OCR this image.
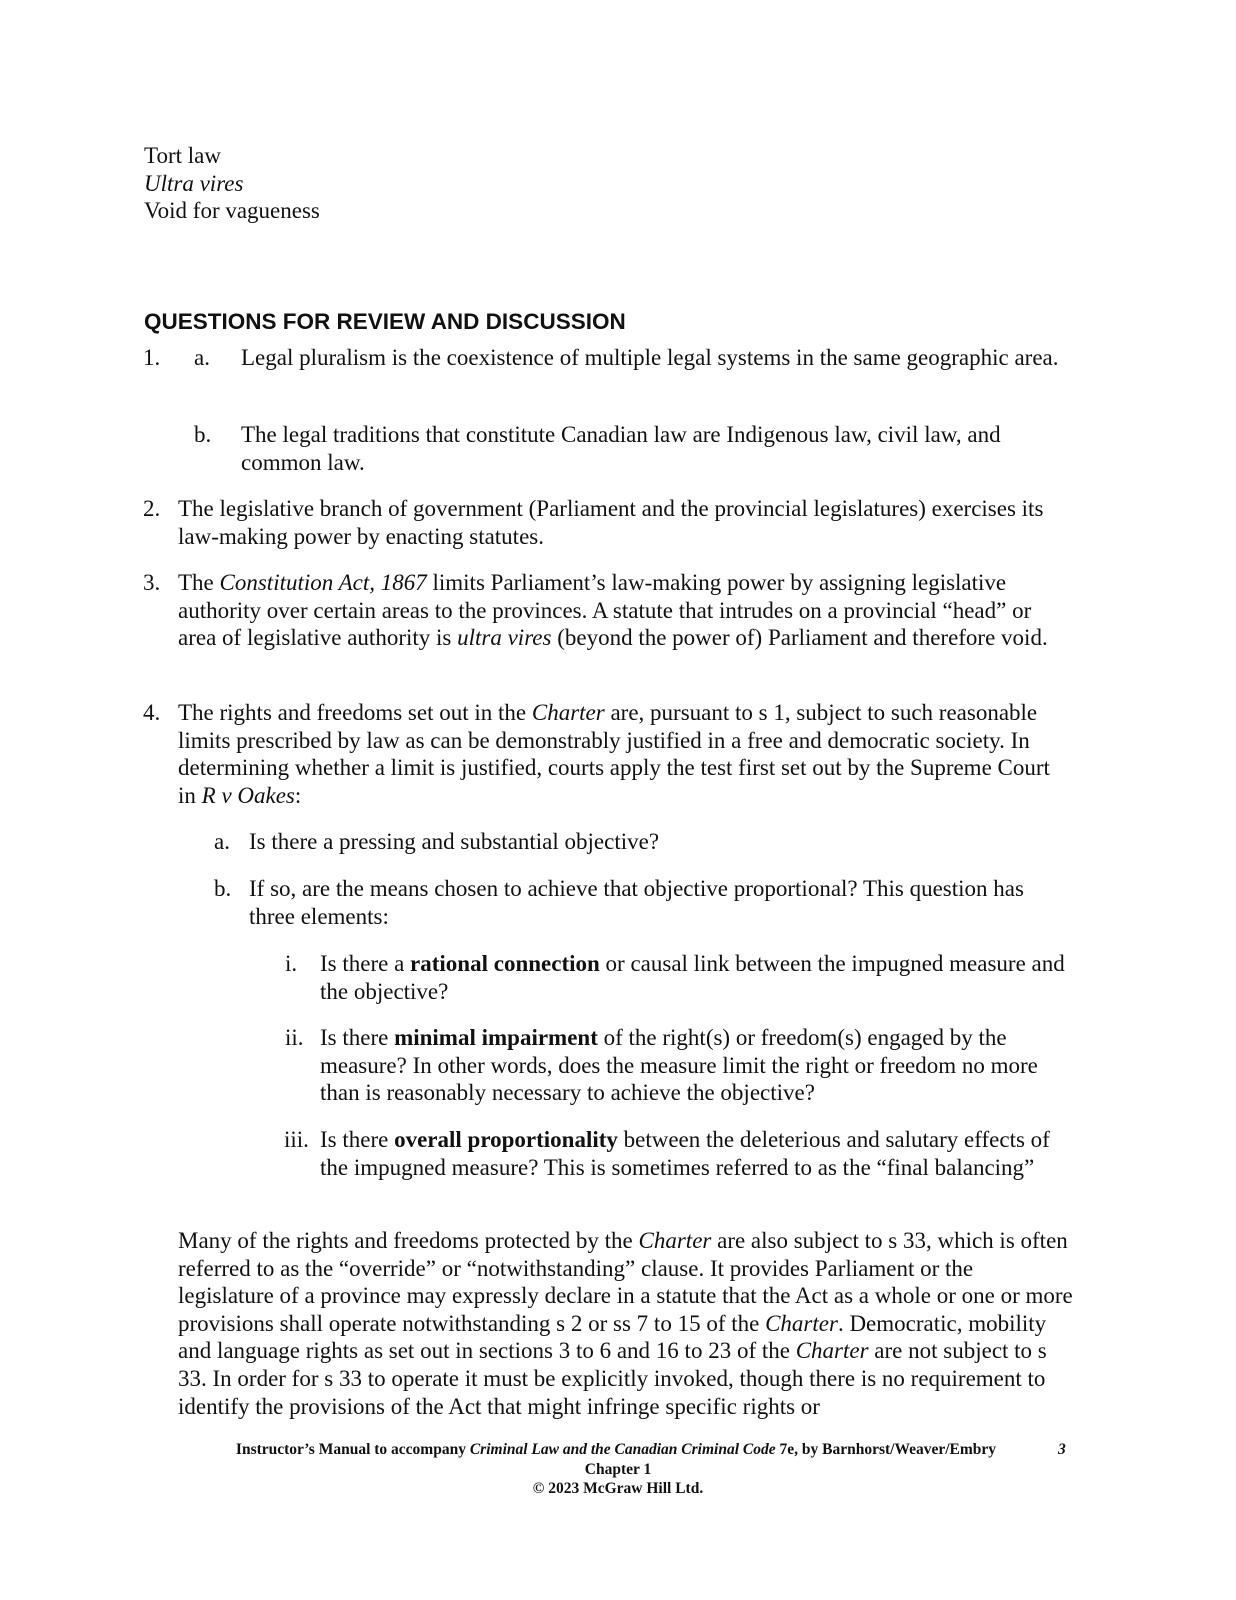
Tort law
Ultra vires
Void for vagueness
QUESTIONS FOR REVIEW AND DISCUSSION
1. a. Legal pluralism is the coexistence of multiple legal systems in the same geographic area.
b. The legal traditions that constitute Canadian law are Indigenous law, civil law, and common law.
2. The legislative branch of government (Parliament and the provincial legislatures) exercises its law-making power by enacting statutes.
3. The Constitution Act, 1867 limits Parliament’s law-making power by assigning legislative authority over certain areas to the provinces. A statute that intrudes on a provincial “head” or area of legislative authority is ultra vires (beyond the power of) Parliament and therefore void.
4. The rights and freedoms set out in the Charter are, pursuant to s 1, subject to such reasonable limits prescribed by law as can be demonstrably justified in a free and democratic society. In determining whether a limit is justified, courts apply the test first set out by the Supreme Court in R v Oakes:
a. Is there a pressing and substantial objective?
b. If so, are the means chosen to achieve that objective proportional? This question has three elements:
i. Is there a rational connection or causal link between the impugned measure and the objective?
ii. Is there minimal impairment of the right(s) or freedom(s) engaged by the measure? In other words, does the measure limit the right or freedom no more than is reasonably necessary to achieve the objective?
iii. Is there overall proportionality between the deleterious and salutary effects of the impugned measure? This is sometimes referred to as the “final balancing”
Many of the rights and freedoms protected by the Charter are also subject to s 33, which is often referred to as the “override” or “notwithstanding” clause. It provides Parliament or the legislature of a province may expressly declare in a statute that the Act as a whole or one or more provisions shall operate notwithstanding s 2 or ss 7 to 15 of the Charter. Democratic, mobility and language rights as set out in sections 3 to 6 and 16 to 23 of the Charter are not subject to s 33. In order for s 33 to operate it must be explicitly invoked, though there is no requirement to identify the provisions of the Act that might infringe specific rights or
Instructor’s Manual to accompany Criminal Law and the Canadian Criminal Code 7e, by Barnhorst/Weaver/Embry
Chapter 1
© 2023 McGraw Hill Ltd.
3
